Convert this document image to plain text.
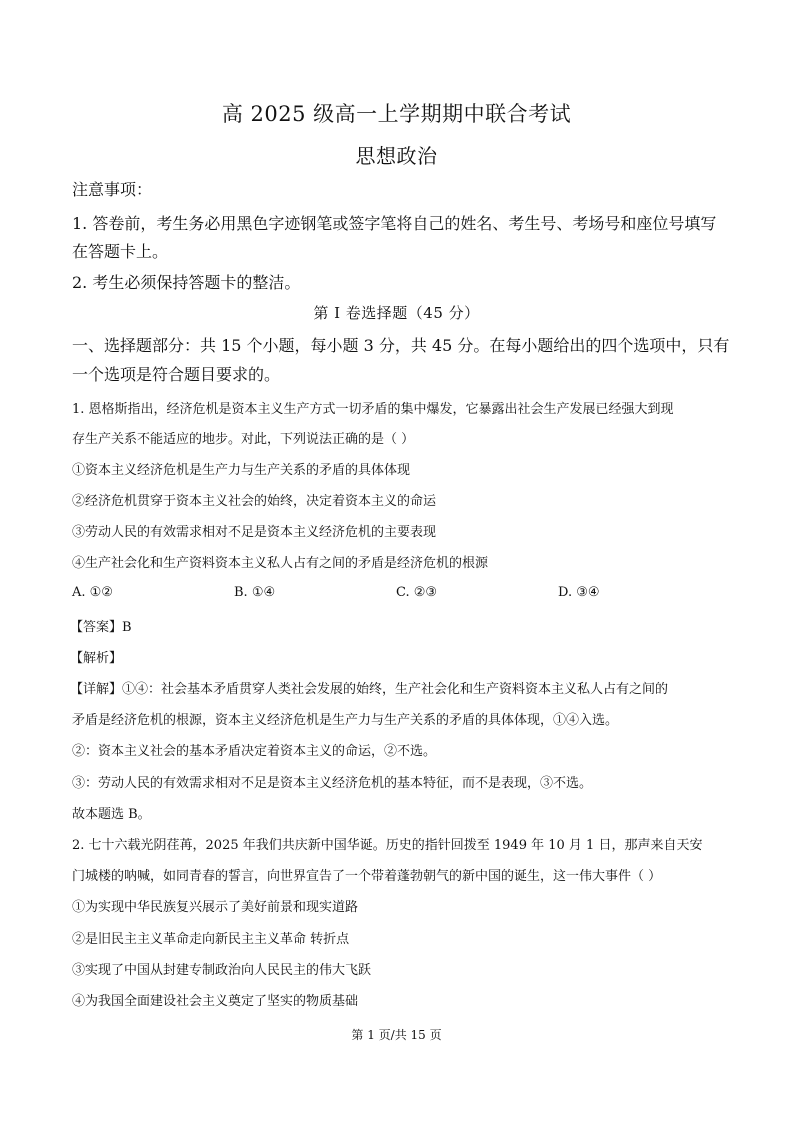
高 2025 级高一上学期期中联合考试
思想政治
注意事项：
1. 答卷前，考生务必用黑色字迹钢笔或签字笔将自己的姓名、考生号、考场号和座位号填写
在答题卡上。
2. 考生必须保持答题卡的整洁。
第 I 卷选择题（45 分）
一、选择题部分：共 15 个小题，每小题 3 分，共 45 分。在每小题给出的四个选项中，只有
一个选项是符合题目要求的。
1. 恩格斯指出，经济危机是资本主义生产方式一切矛盾的集中爆发，它暴露出社会生产发展已经强大到现
存生产关系不能适应的地步。对此，下列说法正确的是（ ）
①资本主义经济危机是生产力与生产关系的矛盾的具体体现
②经济危机贯穿于资本主义社会的始终，决定着资本主义的命运
③劳动人民的有效需求相对不足是资本主义经济危机的主要表现
④生产社会化和生产资料资本主义私人占有之间的矛盾是经济危机的根源
A. ①②	B. ①④	C. ②③	D. ③④
【答案】B
【解析】
【详解】①④：社会基本矛盾贯穿人类社会发展的始终，生产社会化和生产资料资本主义私人占有之间的
矛盾是经济危机的根源，资本主义经济危机是生产力与生产关系的矛盾的具体体现，①④入选。
②：资本主义社会的基本矛盾决定着资本主义的命运，②不选。
③：劳动人民的有效需求相对不足是资本主义经济危机的基本特征，而不是表现，③不选。
故本题选 B。
2. 七十六载光阴荏苒，2025 年我们共庆新中国华诞。历史的指针回拨至 1949 年 10 月 1 日，那声来自天安
门城楼的呐喊，如同青春的誓言，向世界宣告了一个带着蓬勃朝气的新中国的诞生，这一伟大事件（ ）
①为实现中华民族复兴展示了美好前景和现实道路
②是旧民主主义革命走向新民主主义革命 转折点
③实现了中国从封建专制政治向人民民主的伟大飞跃
④为我国全面建设社会主义奠定了坚实的物质基础
第 1 页/共 15 页
